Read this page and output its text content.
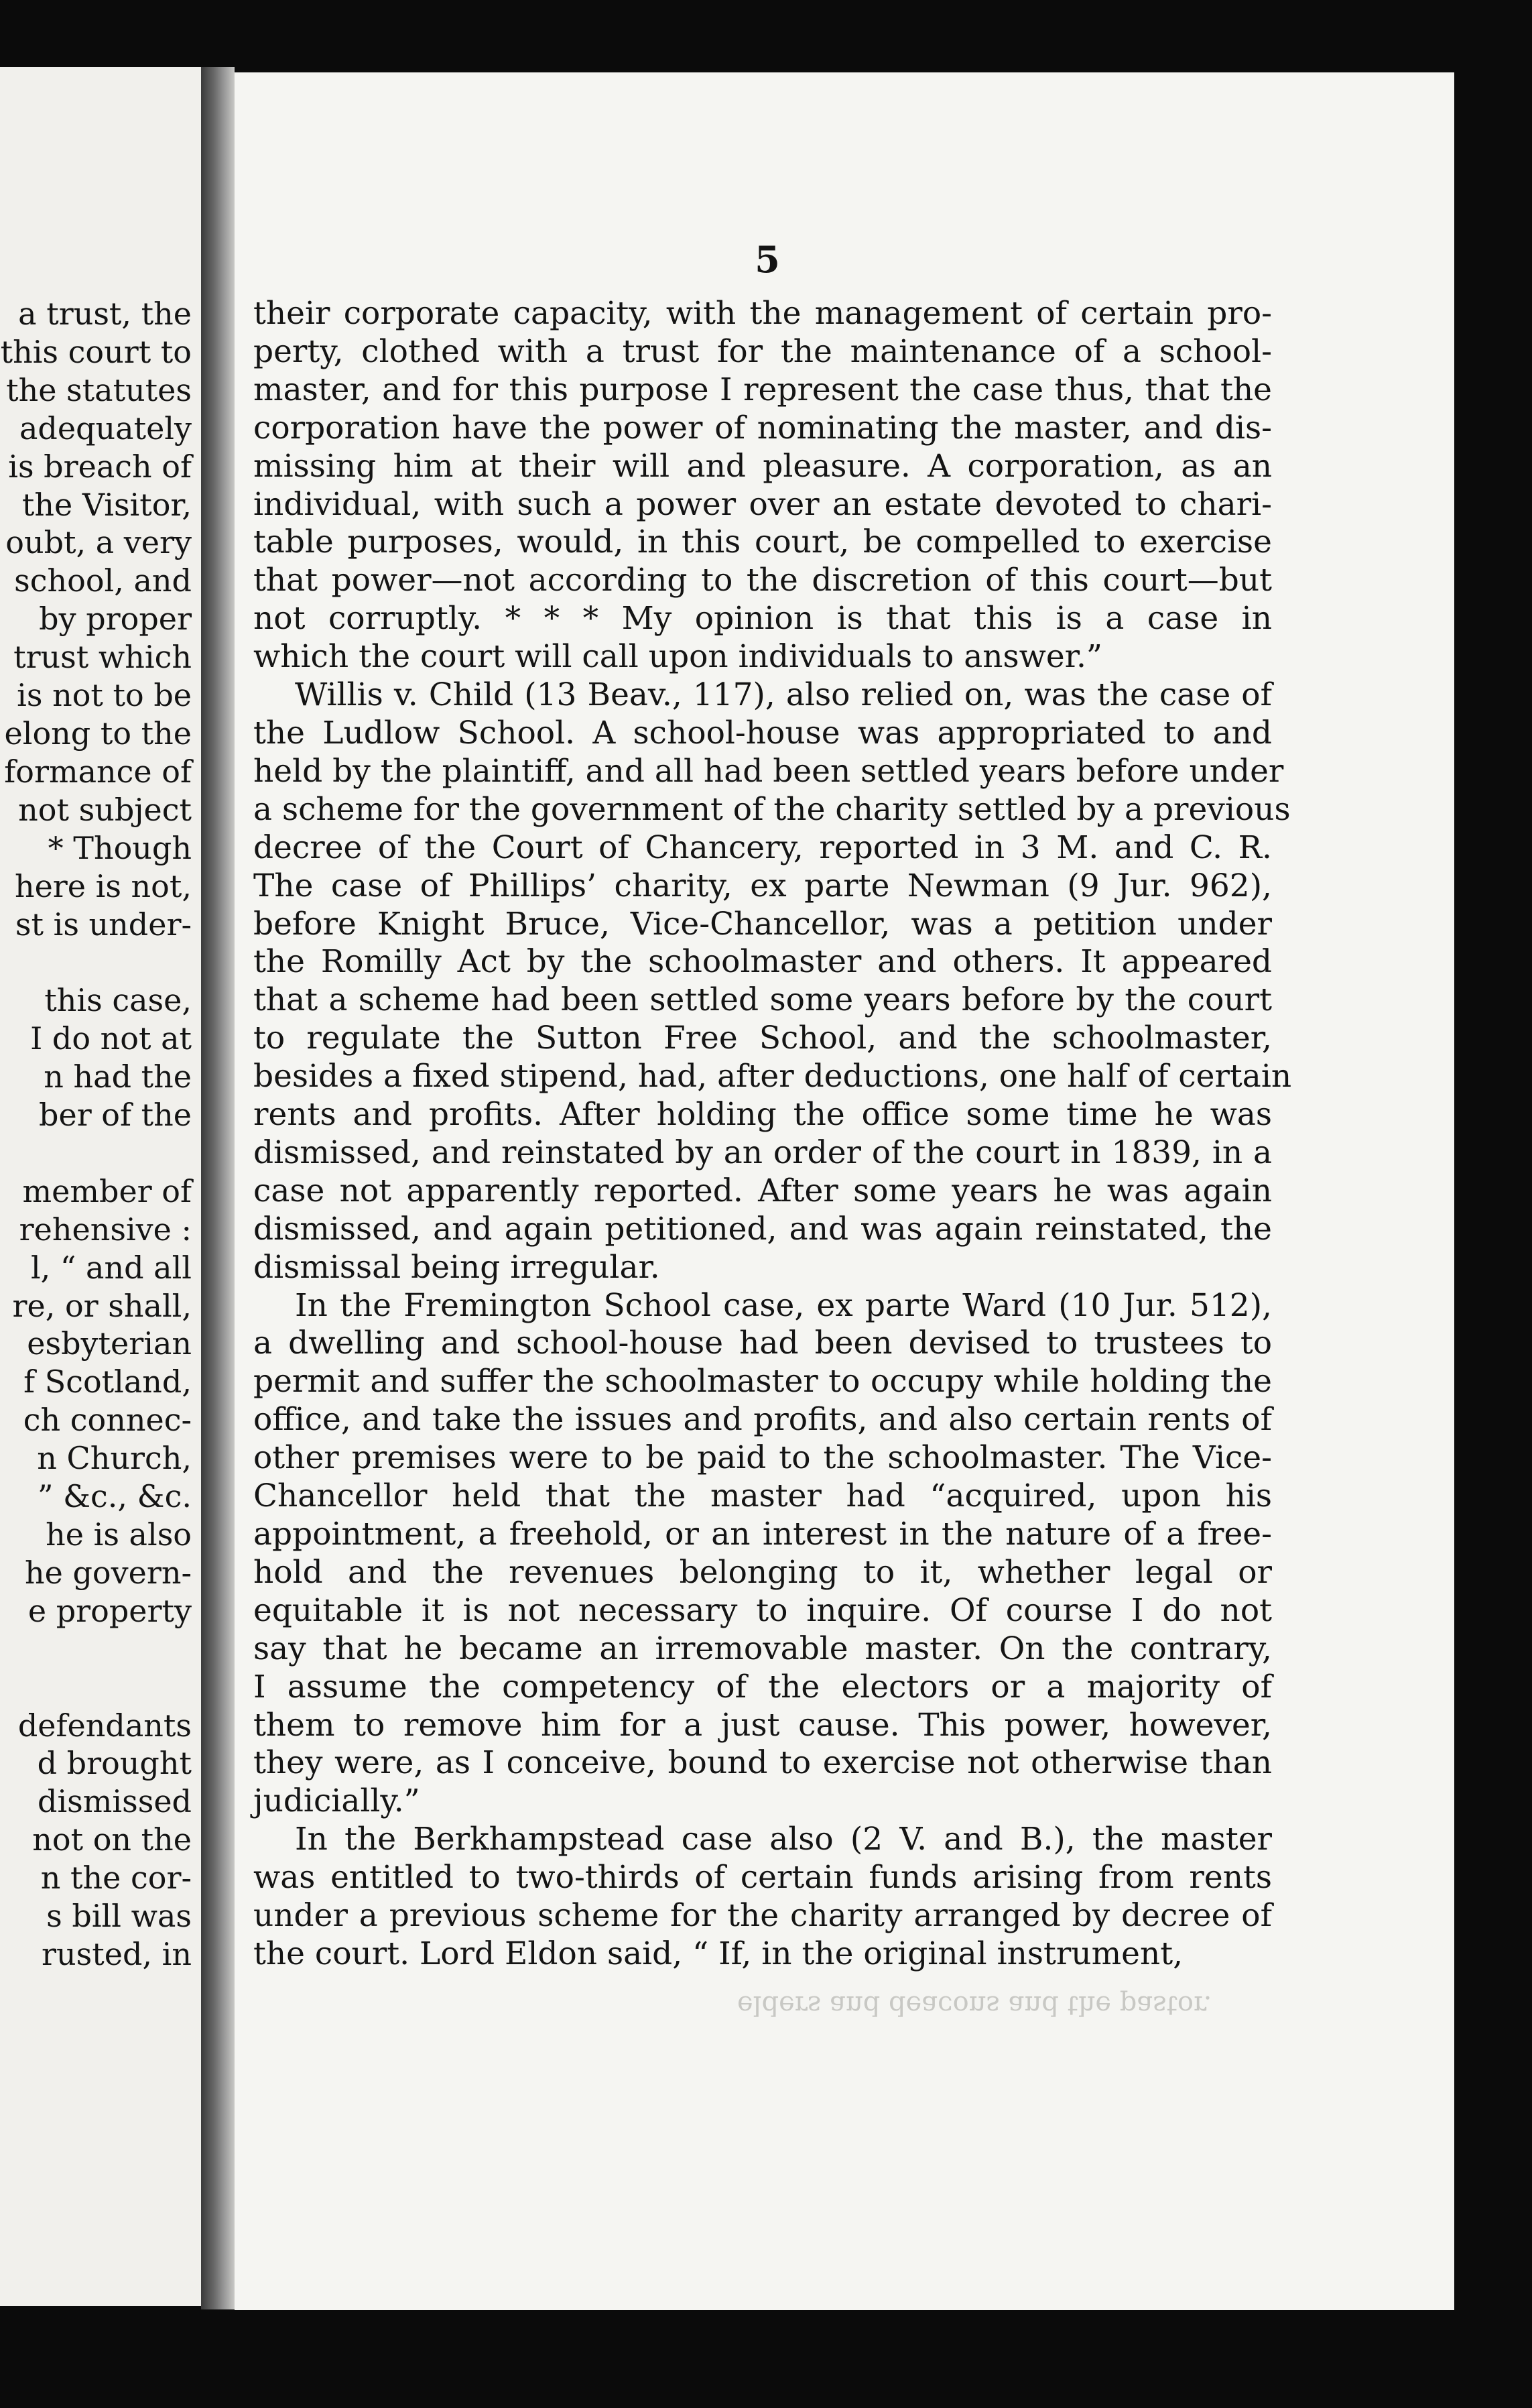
a trust, the
this court to
the statutes
adequately
is breach of
the Visitor,
oubt, a very
school, and
by proper
trust which
is not to be
elong to the
formance of
not subject
* Though
here is not,
st is under-

this case,
I do not at
n had the
ber of the

member of
rehensive :
l, “ and all
re, or shall,
esbyterian
f Scotland,
ch connec-
n Church,
” &c., &c.
he is also
he govern-
e property

defendants
d brought
dismissed
not on the
n the cor-
s bill was
rusted, in
5
their corporate capacity, with the management of certain pro-
perty, clothed with a trust for the maintenance of a school-
master, and for this purpose I represent the case thus, that the
corporation have the power of nominating the master, and dis-
missing him at their will and pleasure. A corporation, as an
individual, with such a power over an estate devoted to chari-
table purposes, would, in this court, be compelled to exercise
that power—not according to the discretion of this court—but
not corruptly. * * * My opinion is that this is a case in
which the court will call upon individuals to answer.”
Willis v. Child (13 Beav., 117), also relied on, was the case of
the Ludlow School. A school-house was appropriated to and
held by the plaintiff, and all had been settled years before under
a scheme for the government of the charity settled by a previous
decree of the Court of Chancery, reported in 3 M. and C. R.
The case of Phillips’ charity, ex parte Newman (9 Jur. 962),
before Knight Bruce, Vice-Chancellor, was a petition under
the Romilly Act by the schoolmaster and others. It appeared
that a scheme had been settled some years before by the court
to regulate the Sutton Free School, and the schoolmaster,
besides a fixed stipend, had, after deductions, one half of certain
rents and profits. After holding the office some time he was
dismissed, and reinstated by an order of the court in 1839, in a
case not apparently reported. After some years he was again
dismissed, and again petitioned, and was again reinstated, the
dismissal being irregular.
In the Fremington School case, ex parte Ward (10 Jur. 512),
a dwelling and school-house had been devised to trustees to
permit and suffer the schoolmaster to occupy while holding the
office, and take the issues and profits, and also certain rents of
other premises were to be paid to the schoolmaster. The Vice-
Chancellor held that the master had “acquired, upon his
appointment, a freehold, or an interest in the nature of a free-
hold and the revenues belonging to it, whether legal or
equitable it is not necessary to inquire. Of course I do not
say that he became an irremovable master. On the contrary,
I assume the competency of the electors or a majority of
them to remove him for a just cause. This power, however,
they were, as I conceive, bound to exercise not otherwise than
judicially.”
In the Berkhampstead case also (2 V. and B.), the master
was entitled to two-thirds of certain funds arising from rents
under a previous scheme for the charity arranged by decree of
the court. Lord Eldon said, “ If, in the original instrument,
elders and deacons and the pastor.
